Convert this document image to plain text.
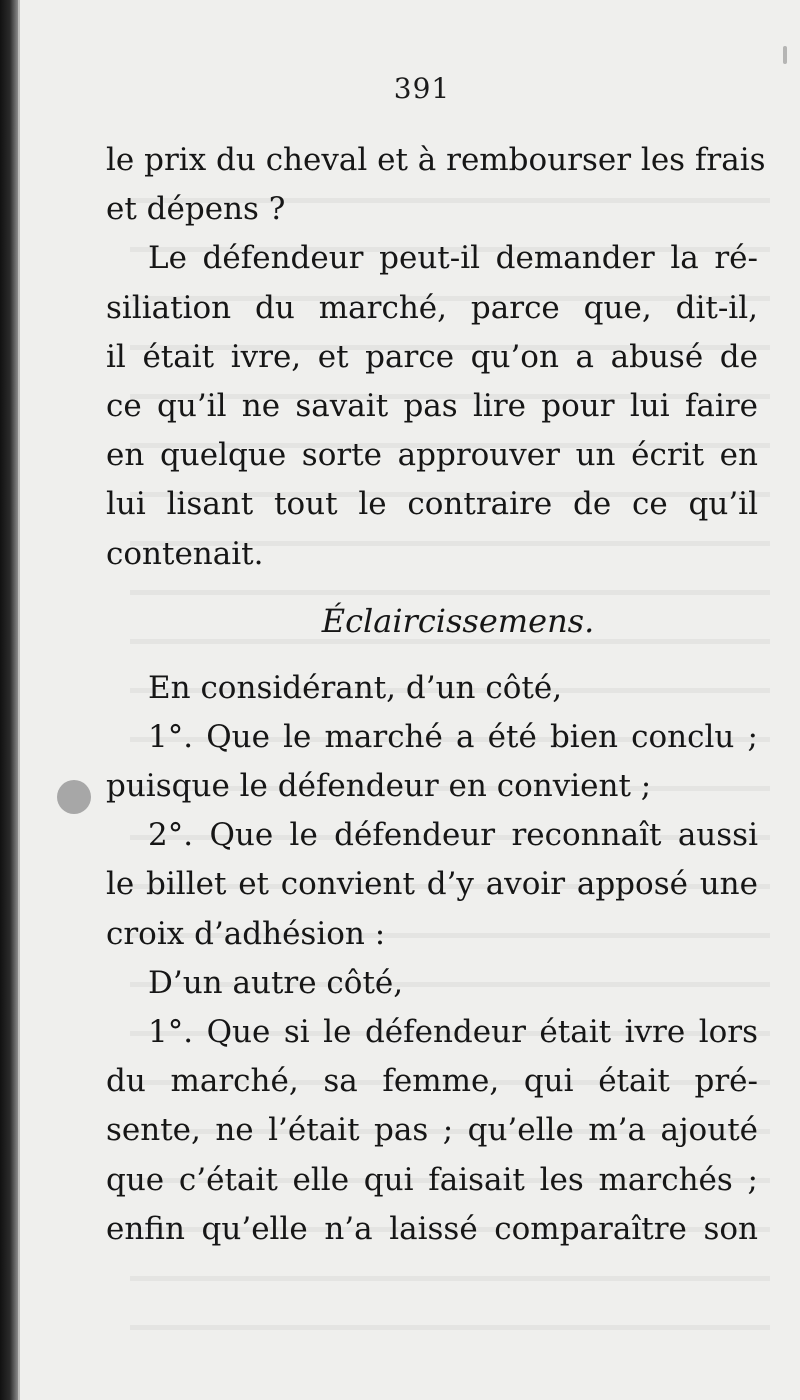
391
le prix du cheval et à rembourser les frais
et dépens ?
Le défendeur peut-il demander la ré-
siliation du marché, parce que, dit-il,
il était ivre, et parce qu’on a abusé de
ce qu’il ne savait pas lire pour lui faire
en quelque sorte approuver un écrit en
lui lisant tout le contraire de ce qu’il
contenait.
Éclaircissemens.
En considérant, d’un côté,
1°. Que le marché a été bien conclu ;
puisque le défendeur en convient ;
2°. Que le défendeur reconnaît aussi
le billet et convient d’y avoir apposé une
croix d’adhésion :
D’un autre côté,
1°. Que si le défendeur était ivre lors
du marché, sa femme, qui était pré-
sente, ne l’était pas ; qu’elle m’a ajouté
que c’était elle qui faisait les marchés ;
enfin qu’elle n’a laissé comparaître son
